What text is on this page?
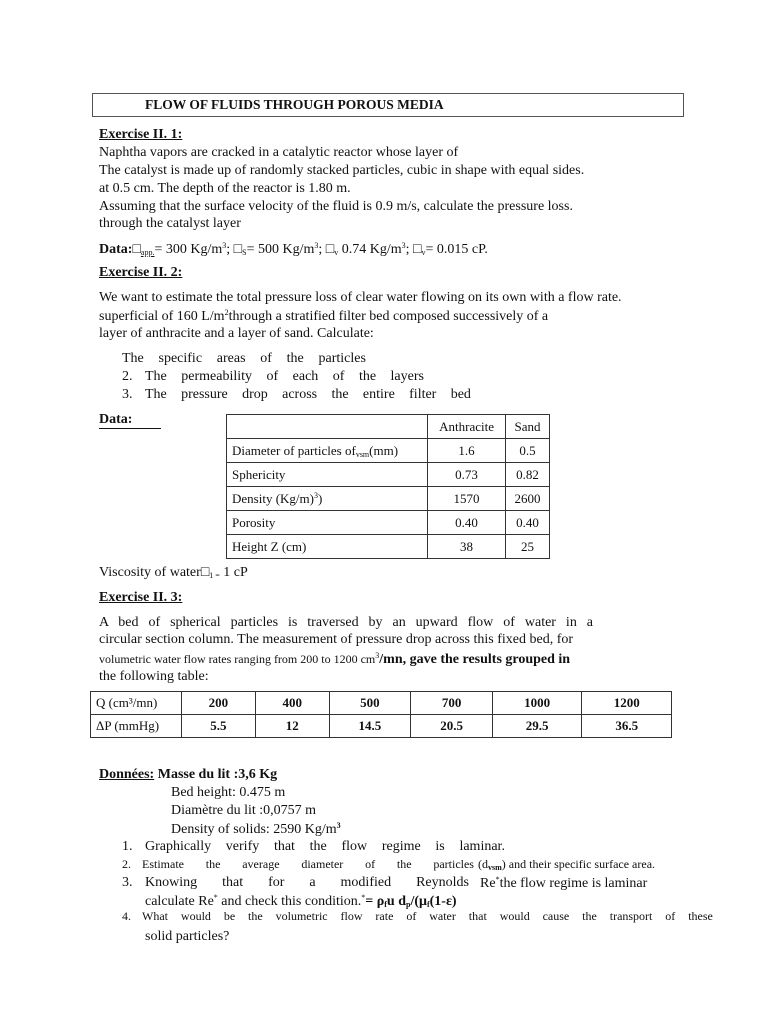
FLOW OF FLUIDS THROUGH POROUS MEDIA
Exercise II. 1:
Naphtha vapors are cracked in a catalytic reactor whose layer of
The catalyst is made up of randomly stacked particles, cubic in shape with equal sides.
at 0.5 cm. The depth of the reactor is 1.80 m.
Assuming that the surface velocity of the fluid is 0.9 m/s, calculate the pressure loss.
through the catalyst layer
$Data:□_{app.}= 300$ $Kg/m^3$; $□_S= 500$ $Kg/m^3$; $□_v$ 0.74 $Kg/m^3$; $□_v= 0.015$ cP.
Exercise II. 2:
We want to estimate the total pressure loss of clear water flowing on its own with a flow rate.
superficial of 160 $L/m^2through$ a stratified filter bed composed successively of a
layer of anthracite and a layer of sand. Calculate:
The specific areas of the particles
2. The permeability of each of the layers
3. The pressure drop across the entire filter bed
Data:
		Anthracite	Sand
Diameter of particles $of_{vsm}(mm)$	1.6	0.5
Sphericity	0.73	0.82
Density $(Kg/m)^3$)	1570	2600
Porosity	0.40	0.40
Height Z (cm)	38	25
Viscosity of $water□_{1 =}$ 1 cP
Exercise II. 3:
A bed of spherical particles is traversed by an upward flow of water in a
circular section column. The measurement of pressure drop across this fixed bed, for
volumetric water flow rates ranging from 200 to 1200 $cm^3/mn$, gave the results grouped in
the following table:
Q (cm³/mn)	200	400	500	700	1000	1200
ΔP (mmHg)	5.5	12	14.5	20.5	29.5	36.5
Données: Masse du lit :3,6 Kg
Bed height: 0.475 m
Diamètre du lit :0,0757 m
Density of solids: 2590 $Kg/m^3$
1. Graphically verify that the flow regime is laminar.
2. Estimate the average diameter of the particles $(d_{vsm})$ and their specific surface area.
3. Knowing that for a modified Reynolds Re*the flow regime is laminar
calculate Re* and check this condition.*= $\rho_fu$ $d_p/(\mu_f(1-\varepsilon)$
4. What would be the volumetric flow rate of water that would cause the transport of these
solid particles?
